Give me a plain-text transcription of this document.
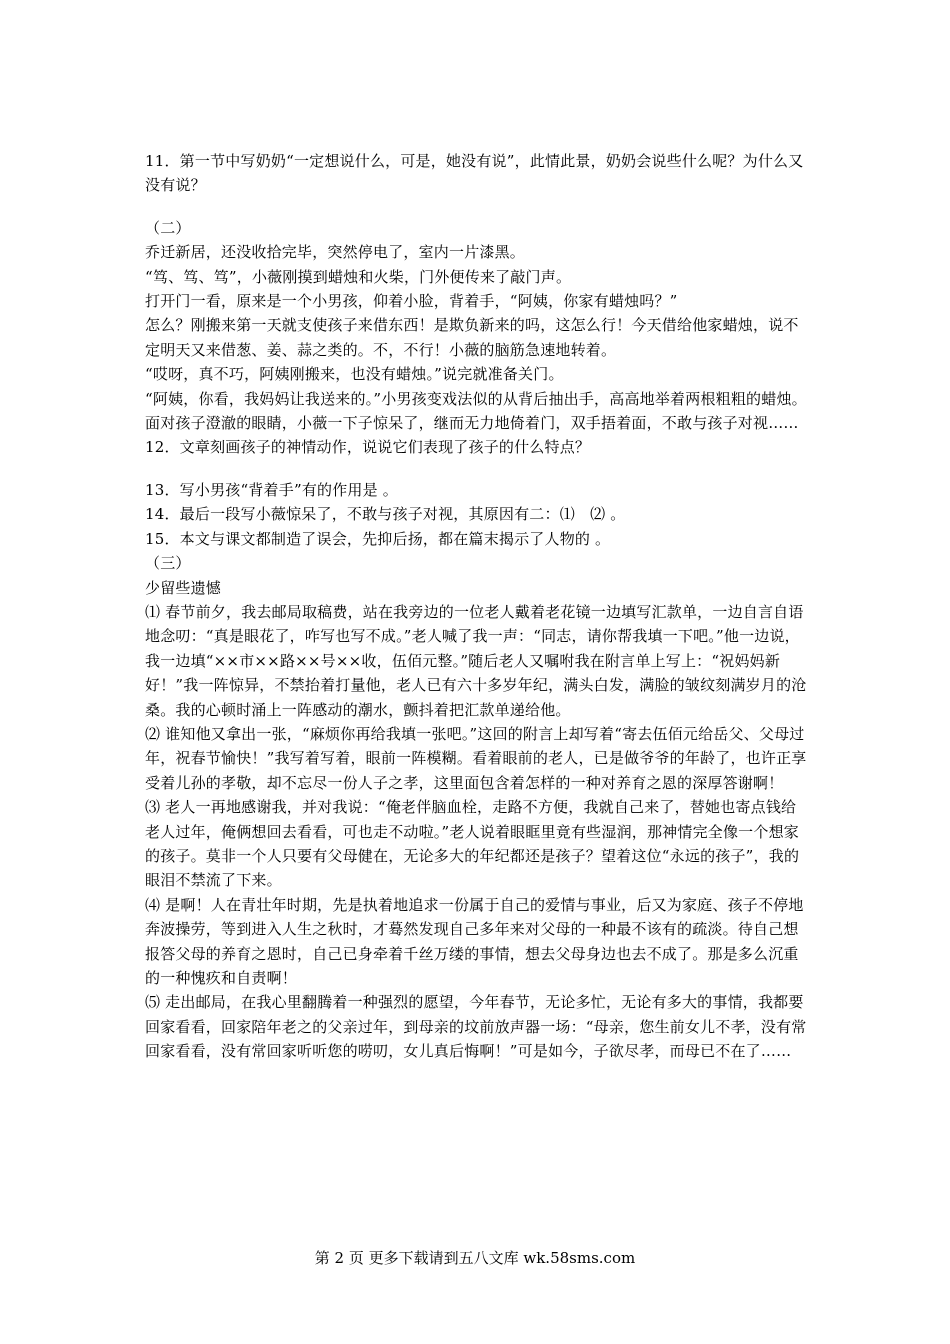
11．第一节中写奶奶“一定想说什么，可是，她没有说”，此情此景，奶奶会说些什么呢？为什么又没有说？
（二）
乔迁新居，还没收拾完毕，突然停电了，室内一片漆黑。
“笃、笃、笃”，小薇刚摸到蜡烛和火柴，门外便传来了敲门声。
打开门一看，原来是一个小男孩，仰着小脸，背着手，“阿姨，你家有蜡烛吗？”
怎么？刚搬来第一天就支使孩子来借东西！是欺负新来的吗，这怎么行！今天借给他家蜡烛，说不定明天又来借葱、姜、蒜之类的。不，不行！小薇的脑筋急速地转着。
“哎呀，真不巧，阿姨刚搬来，也没有蜡烛。”说完就准备关门。
“阿姨，你看，我妈妈让我送来的。”小男孩变戏法似的从背后抽出手，高高地举着两根粗粗的蜡烛。
面对孩子澄澈的眼睛，小薇一下子惊呆了，继而无力地倚着门，双手捂着面，不敢与孩子对视……
12．文章刻画孩子的神情动作，说说它们表现了孩子的什么特点？
13．写小男孩“背着手”有的作用是 。
14．最后一段写小薇惊呆了，不敢与孩子对视，其原因有二：⑴　⑵ 。
15．本文与课文都制造了误会，先抑后扬，都在篇末揭示了人物的 。
（三）
少留些遗憾
⑴ 春节前夕，我去邮局取稿费，站在我旁边的一位老人戴着老花镜一边填写汇款单，一边自言自语地念叨：“真是眼花了，咋写也写不成。”老人喊了我一声：“同志，请你帮我填一下吧。”他一边说，我一边填“××市××路××号××收，伍佰元整。”随后老人又嘱咐我在附言单上写上：“祝妈妈新好！”我一阵惊异，不禁抬着打量他，老人已有六十多岁年纪，满头白发，满脸的皱纹刻满岁月的沧桑。我的心顿时涌上一阵感动的潮水，颤抖着把汇款单递给他。
⑵ 谁知他又拿出一张，“麻烦你再给我填一张吧。”这回的附言上却写着“寄去伍佰元给岳父、父母过年，祝春节愉快！”我写着写着，眼前一阵模糊。看着眼前的老人，已是做爷爷的年龄了，也许正享受着儿孙的孝敬，却不忘尽一份人子之孝，这里面包含着怎样的一种对养育之恩的深厚答谢啊！
⑶ 老人一再地感谢我，并对我说：“俺老伴脑血栓，走路不方便，我就自己来了，替她也寄点钱给老人过年，俺俩想回去看看，可也走不动啦。”老人说着眼眶里竟有些湿润，那神情完全像一个想家的孩子。莫非一个人只要有父母健在，无论多大的年纪都还是孩子？望着这位“永远的孩子”，我的眼泪不禁流了下来。
⑷ 是啊！人在青壮年时期，先是执着地追求一份属于自己的爱情与事业，后又为家庭、孩子不停地奔波操劳，等到进入人生之秋时，才蓦然发现自己多年来对父母的一种最不该有的疏淡。待自己想报答父母的养育之恩时，自己已身牵着千丝万缕的事情，想去父母身边也去不成了。那是多么沉重的一种愧疚和自责啊！
⑸ 走出邮局，在我心里翻腾着一种强烈的愿望，今年春节，无论多忙，无论有多大的事情，我都要回家看看，回家陪年老之的父亲过年，到母亲的坟前放声器一场：“母亲，您生前女儿不孝，没有常回家看看，没有常回家听听您的唠叨，女儿真后悔啊！”可是如今，子欲尽孝，而母已不在了……
第 2 页 更多下载请到五八文库 wk.58sms.com
